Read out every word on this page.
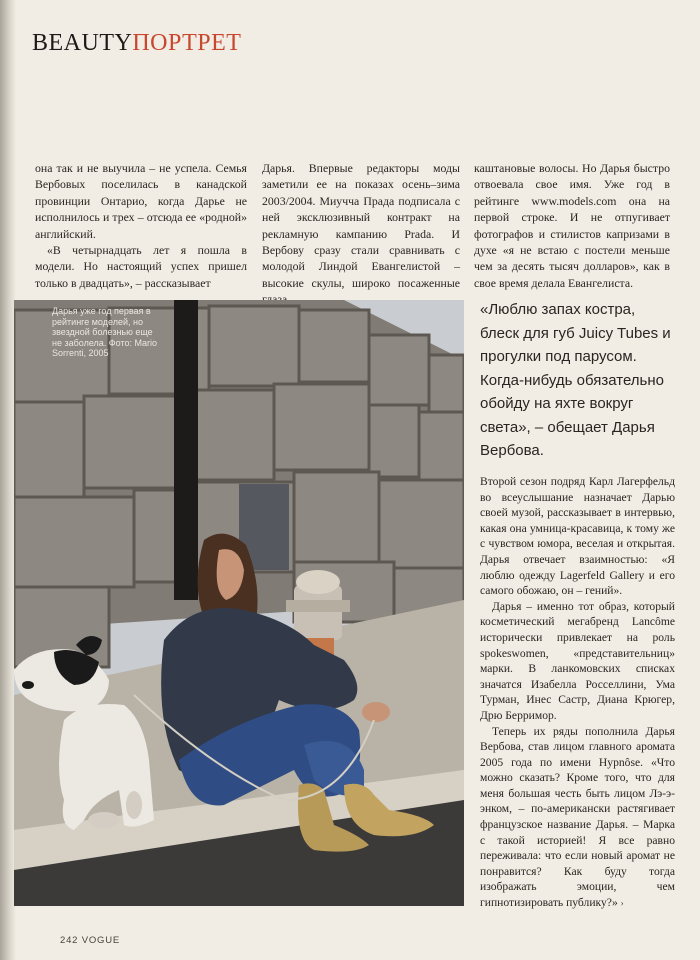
BEAUTYПОРТРЕТ

она так и не выучила – не успела. Семья Вербовых поселилась в канадской провинции Онтарио, когда Дарье не исполнилось и трех – отсюда ее «родной» английский.

«В четырнадцать лет я пошла в модели. Но настоящий успех пришел только в двадцать», – рассказывает

Дарья. Впервые редакторы моды заметили ее на показах осень–зима 2003/2004. Миучча Прада подписала с ней эксклюзивный контракт на рекламную кампанию Prada. И Вербову сразу стали сравнивать с молодой Линдой Евангелистой – высокие скулы, широко посаженные

каштановые волосы. Но Дарья быстро отвоевала свое имя. Уже год в рейтинге www.models.com она на первой строке. И не отпугивает фотографов и стилистов капризами в духе «я не встаю с постели меньше чем за десять тысяч долларов», как в свое время делала Евангелиста.

Дарья уже год первая в рейтинге моделей, но звездной болезнью еще не заболела. Фото: Mario Sorrenti, 2005
«Люблю запах костра, блеск для губ Juicy Tubes и прогулки под парусом. Когда-нибудь обязательно обойду на яхте вокруг света», – обещает Дарья Вербова.

Второй сезон подряд Карл Лагерфельд во всеуслышание назначает Дарью своей музой, рассказывает в интервью, какая она умница-красавица, к тому же с чувством юмора, веселая и открытая. Дарья отвечает взаимностью: «Я люблю одежду Lagerfeld Gallery и его самого обожаю, он – гений».

Дарья – именно тот образ, который косметический мегабренд Lancôme исторически привлекает на роль spokeswomen, «представительниц» марки. В ланкомовских списках значатся Изабелла Росселлини, Ума Турман, Инес Састр, Диана Крюгер, Дрю Берримор.

Теперь их ряды пополнила Дарья Вербова, став лицом главного аромата 2005 года по имени Hypnôse. «Что можно сказать? Кроме того, что для меня большая честь быть лицом Лэ-э-энком, – по-американски растягивает французское название Дарья. – Марка с такой историей! Я все равно переживала: что если новый аромат не понравится? Как буду тогда изображать эмоции, чем гипнотизировать публику?» ›

242 VOGUE
